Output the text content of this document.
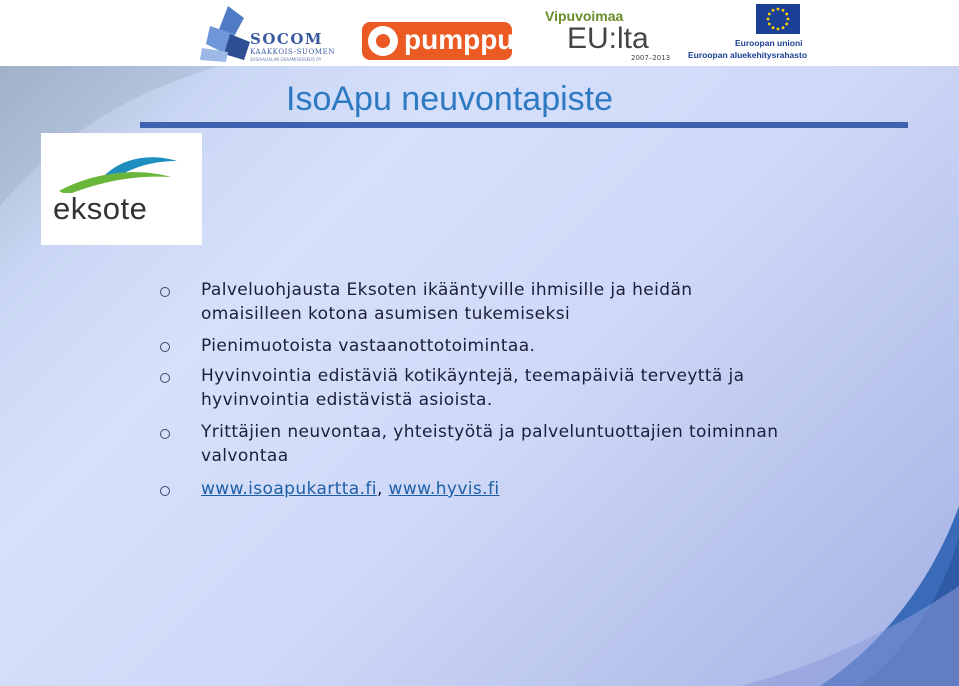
SOCOM
KAAKKOIS-SUOMEN
SOSIAALIALAN OSAAMISKESKUS OY
pumppu
Vipuvoimaa
EU:lta
2007–2013
Euroopan unioni
Euroopan aluekehitysrahasto
IsoApu neuvontapiste
eksote
Palveluohjausta Eksoten ikääntyville ihmisille ja heidän
omaisilleen kotona asumisen tukemiseksi
Pienimuotoista vastaanottotoimintaa.
Hyvinvointia edistäviä kotikäyntejä, teemapäiviä terveyttä ja
hyvinvointia edistävistä asioista.
Yrittäjien neuvontaa, yhteistyötä ja palveluntuottajien toiminnan
valvontaa
www.isoapukartta.fi, www.hyvis.fi
